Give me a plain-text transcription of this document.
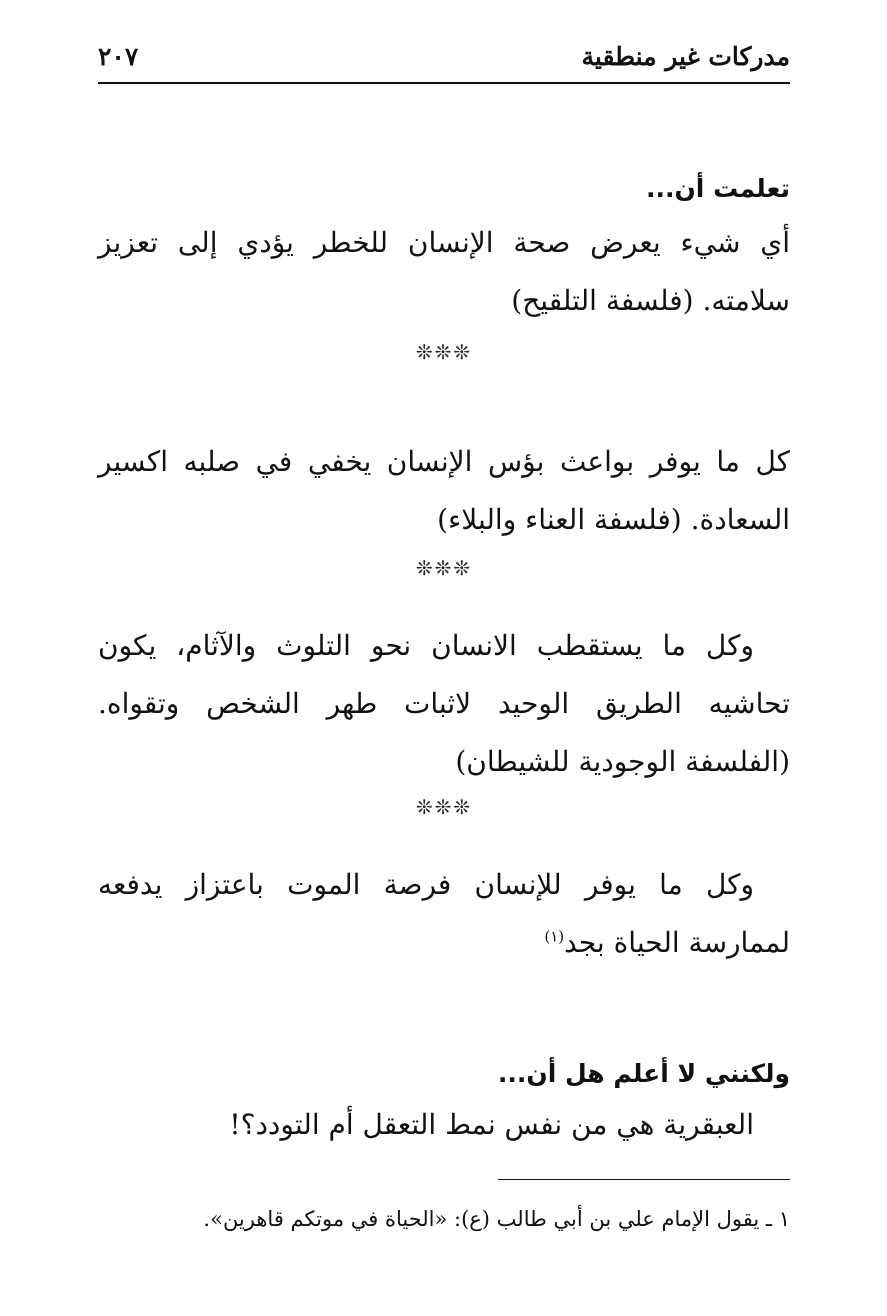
مدركات غير منطقية
٢٠٧
تعلمت أن...
أي شيء يعرض صحة الإنسان للخطر يؤدي إلى تعزيز سلامته. (فلسفة التلقيح)
❊❊❊
كل ما يوفر بواعث بؤس الإنسان يخفي في صلبه اكسير السعادة. (فلسفة العناء والبلاء)
❊❊❊
وكل ما يستقطب الانسان نحو التلوث والآثام، يكون تحاشيه الطريق الوحيد لاثبات طهر الشخص وتقواه. (الفلسفة الوجودية للشيطان)
❊❊❊
وكل ما يوفر للإنسان فرصة الموت باعتزاز يدفعه لممارسة الحياة بجد$^{(١)}$
ولكنني لا أعلم هل أن...
العبقرية هي من نفس نمط التعقل أم التودد؟!
١ ـ يقول الإمام علي بن أبي طالب (ع): «الحياة في موتكم قاهرين».
